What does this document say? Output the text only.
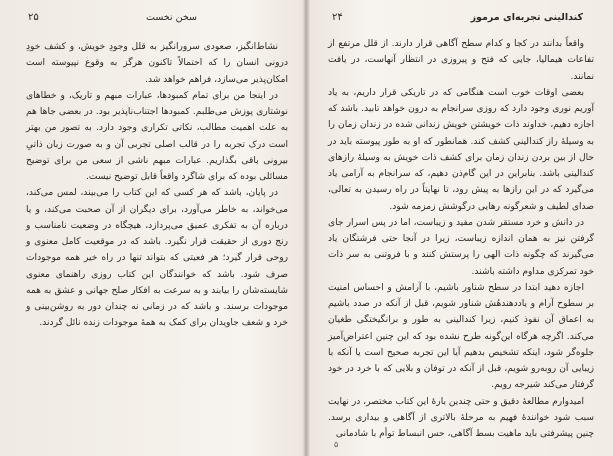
۲۵	سخن نخست

نشاط‌انگیز، صعودی سرورانگیز به قلل وجودِ خویش، و کشف خودِ درونی انسان را که احتمالاً تاکنون هرگز به وقوع نپیوسته است امکان‌پذیر می‌سازد، فراهم خواهد شد.

در اینجا من برای تمام کمبودها، عبارات مبهم و تاریک، و خطاهای نوشتاری پوزش می‌طلبم. کمبودها اجتناب‌ناپذیر بود. در بعضی جاها هم به علت اهمیت مطالب، نکاتی تکراری وجود دارد. به تصور من بهتر است درک تجربه را در قالب اصلی تجربی آن و به صورت زبان ذاتیِ بیرونی باقی بگذاریم. عبارات مبهم ناشی از سعی من برای توضیح مسائلی بوده که برای شاگرد واقعاً قابل توضیح نیست.

در پایان، باشد که هر کسی که این کتاب را می‌بیند، لمس می‌کند، می‌خواند، به خاطر می‌آورد، برای دیگران از آن صحبت می‌کند، و یا درباره آن به تفکری عمیق می‌پردازد، هیچگاه در وضعیت نامناسب و رنج دوری از حقیقت قرار نگیرد. باشد که در موقعیت کامل معنوی و روحی قرار گیرد؛ هر فعیتی که بتواند تنها در راه خیر همه موجودات صرف شود. باشد که خوانندگان این کتاب روزی راهنمای معنوی شایسته‌شان را بیابند و به سرعت به افکار صلح جهانی و عشق به همه موجودات برسند. و باشد که در زمانی نه چندان دور به روشن‌بینی و خرد و شعف جاویدان برای کمک به همهٔ موجودات زنده نائل گردند.

۲۴	کندالینی تجربه‌ای مرموز

واقعاً بدانند در کجا و کدام سطح آگاهی قرار دارند. از قلل مرتفع از تفاعات هیمالیا، جایی که فتح و پیروزی در انتظار آنهاست، در یافت نمانند.

بعضی اوقات خوب است هنگامی که در تاریکی قرار داریم، به یاد آوریم نوری وجود دارد که روزی سرانجام به درون خواهد تابید. باشد که اجازه دهیم، خداوند ذات خویشتن خویش زندانی شده در زندان زمان را به وسیلهٔ راز کندالینی کشف کند. همانطور که او به طور پیوسته باید در حال از بین بردن زندان زمان برای کشف ذات خویش به وسیلهٔ رازهای کندالینی باشد. بنابراین در این گام‌ذن دهیم، که سرانجام به آرامی یاد می‌گیرد که در این رازها به پیش رود، تا نهایتاً در راه رسیدن به تعالی، صدای لطیف و شعرگونه رهایی درگوشش زمزمه شود.

در دانش و خرد مستقر شدن مفید و زیباست، اما در پس اسرار جای گرفتن نیز به همان اندازه زیباست، زیرا در آنجا حتی فرشتگان یاد می‌گیرند که چگونه ذات الهی را پرستش کنند و با فروتنی به سر ذات خود تمرکزی مداوم داشته باشند.

اجازه دهید ابتدا در سطح شناور باشیم، با آرامش و احساس امنیت بر سطوح آرام و یاددهندهٔش شناور شویم، قبل از آنکه در صدد باشیم به اعماق آن نفوذ کنیم، زیرا کندالینی به طور و برانگیختگی طغیان می‌کند. اگرچه هرگاه این‌گونه طرح نشده بود که این چنین اعتراض‌آمیز جلوه‌گر شود، اینکه تشخیص بدهیم آیا این تجربه صحیح است یا آنکه با زیبایی آن روبه‌رو شویم، قبل از آنکه در توفان و بلایی که با خرد در خود گرفتار می‌کند شیرجه رویم.

امیدوارم مطالعهٔ دقیق و حتی چندین بارهٔ این کتاب مختصر، در نهایت سبب شود خوانندهٔ فهیم به مرحلهٔ بالاتری از آگاهی و بیداری برسد. چنین پیشرفتی باید ماهیت بسط آگاهی، حس انبساط توأم با شادمانی

۵
